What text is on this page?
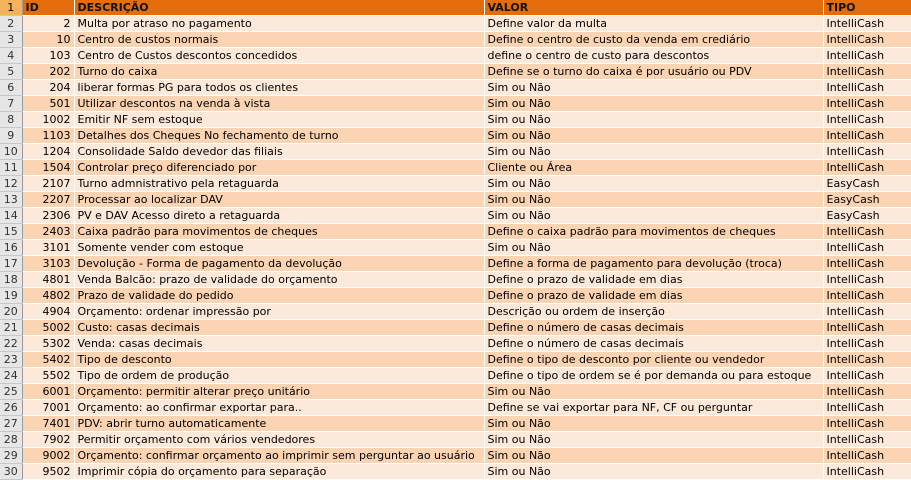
1	ID	DESCRIÇÃO	VALOR	TIPO
2	2	Multa por atraso no pagamento	Define valor da multa	IntelliCash
3	10	Centro de custos normais	Define o centro de custo da venda em crediário	IntelliCash
4	103	Centro de Custos descontos concedidos	define o centro de custo para descontos	IntelliCash
5	202	Turno do caixa	Define se o turno do caixa é por usuário ou PDV	IntelliCash
6	204	liberar formas PG para todos os clientes	Sim ou Não	IntelliCash
7	501	Utilizar descontos na venda à vista	Sim ou Não	IntelliCash
8	1002	Emitir NF sem estoque	Sim ou Não	IntelliCash
9	1103	Detalhes dos Cheques No fechamento de turno	Sim ou Não	IntelliCash
10	1204	Consolidade Saldo devedor das filiais	Sim ou Não	IntelliCash
11	1504	Controlar preço diferenciado por	Cliente ou Área	IntelliCash
12	2107	Turno admnistrativo pela retaguarda	Sim ou Não	EasyCash
13	2207	Processar ao localizar DAV	Sim ou Não	EasyCash
14	2306	PV e DAV Acesso direto a retaguarda	Sim ou Não	EasyCash
15	2403	Caixa padrão para movimentos de cheques	Define o caixa padrão para movimentos de cheques	IntelliCash
16	3101	Somente vender com estoque	Sim ou Não	IntelliCash
17	3103	Devolução - Forma de pagamento da devolução	Define a forma de pagamento para devolução (troca)	IntelliCash
18	4801	Venda Balcão: prazo de validade do orçamento	Define o prazo de validade em dias	IntelliCash
19	4802	Prazo de validade do pedido	Define o prazo de validade em dias	IntelliCash
20	4904	Orçamento: ordenar impressão por	Descrição ou ordem de inserção	IntelliCash
21	5002	Custo: casas decimais	Define o número de casas decimais	IntelliCash
22	5302	Venda: casas decimais	Define o número de casas decimais	IntelliCash
23	5402	Tipo de desconto	Define o tipo de desconto por cliente ou vendedor	IntelliCash
24	5502	Tipo de ordem de produção	Define o tipo de ordem se é por demanda ou para estoque	IntelliCash
25	6001	Orçamento: permitir alterar preço unitário	Sim ou Não	IntelliCash
26	7001	Orçamento: ao confirmar exportar para..	Define se vai exportar para NF, CF ou perguntar	IntelliCash
27	7401	PDV: abrir turno automaticamente	Sim ou Não	IntelliCash
28	7902	Permitir orçamento com vários vendedores	Sim ou Não	IntelliCash
29	9002	Orçamento: confirmar orçamento ao imprimir sem perguntar ao usuário	Sim ou Não	IntelliCash
30	9502	Imprimir cópia do orçamento para separação	Sim ou Não	IntelliCash
